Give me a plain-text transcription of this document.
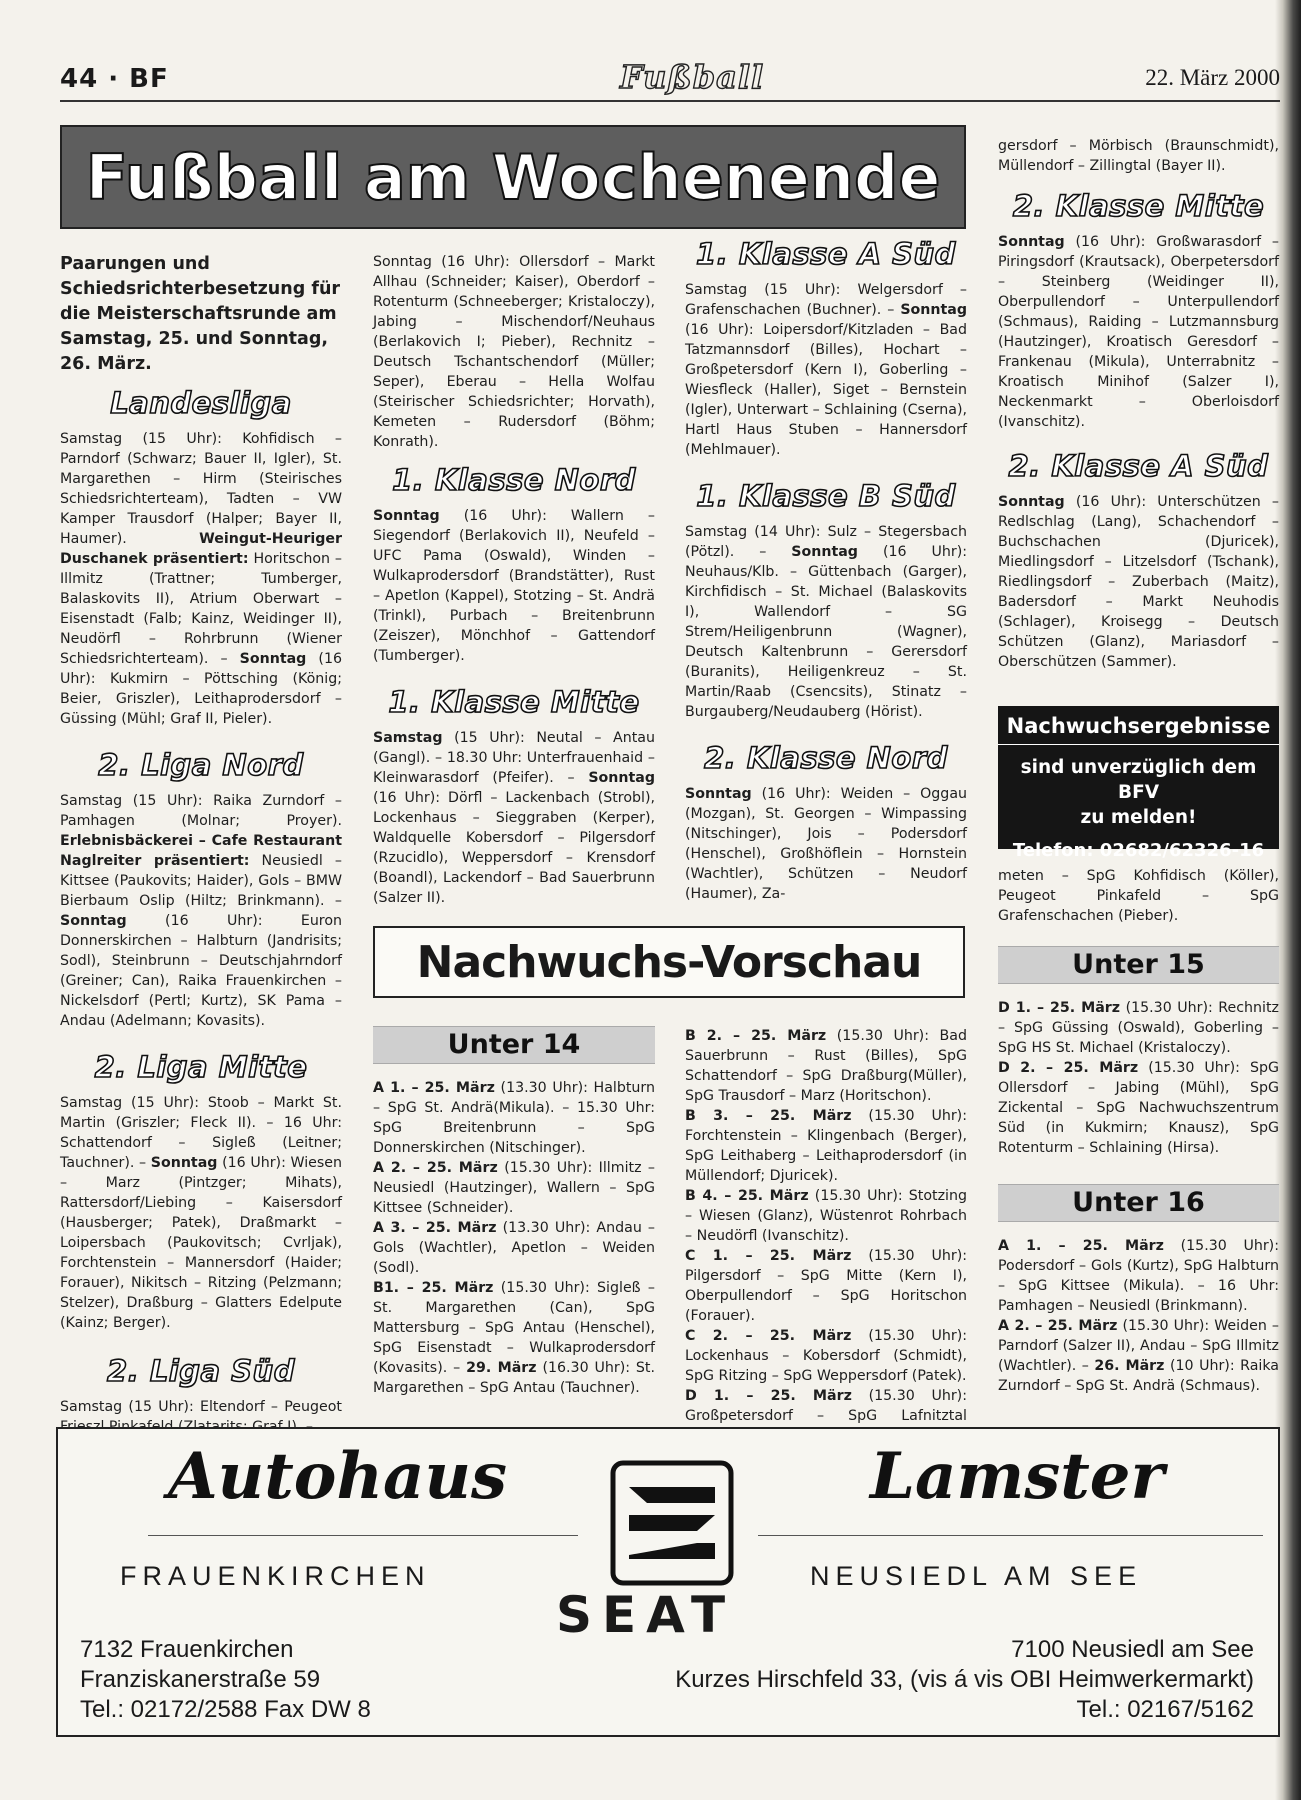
44 · BF	Fußball	22. März 2000
Fußball am Wochenende

Paarungen und Schiedsrichterbesetzung für die Meisterschaftsrunde am Samstag, 25. und Sonntag, 26. März.

Landesliga

Samstag (15 Uhr): Kohfidisch – Parndorf (Schwarz; Bauer II, Igler), St. Margarethen – Hirm (Steirisches Schiedsrichterteam), Tadten – VW Kamper Trausdorf (Halper; Bayer II, Haumer).	Weingut-Heuriger Duschanek präsentiert: Horitschon – Illmitz (Trattner; Tumberger, Balaskovits II), Atrium Oberwart – Eisenstadt (Falb; Kainz, Weidinger II), Neudörfl – Rohrbrunn (Wiener Schiedsrichterteam). – Sonntag (16 Uhr): Kukmirn – Pöttsching (König; Beier, Griszler), Leithaprodersdorf – Güssing (Mühl; Graf II, Pieler).

2. Liga Nord

Samstag (15 Uhr): Raika Zurndorf – Pamhagen (Molnar; Proyer). Erlebnisbäckerei – Cafe Restaurant Naglreiter präsentiert: Neusiedl – Kittsee (Paukovits; Haider), Gols – BMW Bierbaum Oslip (Hiltz; Brinkmann). – Sonntag	(16 Uhr): Euron Donnerskirchen – Halbturn (Jandrisits; Sodl), Steinbrunn – Deutschjahrndorf (Greiner; Can), Raika Frauenkirchen – Nickelsdorf (Pertl; Kurtz), SK Pama – Andau (Adelmann; Kovasits).

2. Liga Mitte

Samstag (15 Uhr): Stoob – Markt St. Martin (Griszler; Fleck II). – 16 Uhr: Schattendorf – Sigleß (Leitner; Tauchner). – Sonntag (16 Uhr): Wiesen – Marz (Pintzger; Mihats), Rattersdorf/Liebing – Kaisersdorf (Hausberger; Patek), Draßmarkt – Loipersbach (Paukovitsch; Cvrljak), Forchtenstein – Mannersdorf (Haider; Forauer), Nikitsch – Ritzing (Pelzmann; Stelzer), Draßburg – Glatters Edelpute (Kainz; Berger).

2. Liga Süd

Samstag (15 Uhr): Eltendorf – Peugeot

Sonntag (16 Uhr): Ollersdorf – Markt Allhau (Schneider; Kaiser), Oberdorf – Rotenturm (Schneeberger; Kristaloczy), Jabing – Mischendorf/Neuhaus (Berlakovich I; Pieber), Rechnitz – Deutsch Tschantschendorf (Müller; Seper), Eberau – Hella Wolfau (Steirischer Schiedsrichter; Horvath), Kemeten – Rudersdorf (Böhm; Konrath).

1. Klasse Nord

Sonntag (16 Uhr): Wallern – Siegendorf (Berlakovich II), Neufeld – UFC Pama (Oswald), Winden – Wulkaprodersdorf (Brandstätter), Rust – Apetlon (Kappel), Stotzing – St. Andrä (Trinkl), Purbach – Breitenbrunn (Zeiszer), Mönchhof – Gattendorf (Tumberger).

1. Klasse Mitte

Samstag (15 Uhr): Neutal – Antau (Gangl). – 18.30 Uhr: Unterfrauenhaid – Kleinwarasdorf (Pfeifer). – Sonntag (16 Uhr): Dörfl – Lackenbach (Strobl), Lockenhaus – Sieggraben (Kerper), Waldquelle Kobersdorf – Pilgersdorf (Rzucidlo), Weppersdorf – Krensdorf (Boandl), Lackendorf – Bad Sauerbrunn (Salzer II).

1. Klasse A Süd

Samstag (15 Uhr): Welgersdorf – Grafenschachen (Buchner). – Sonntag (16 Uhr): Loipersdorf/Kitzladen – Bad Tatzmannsdorf (Billes), Hochart – Großpetersdorf (Kern I), Goberling – Wiesfleck (Haller), Siget – Bernstein (Igler), Unterwart – Schlaining (Cserna), Hartl Haus Stuben – Hannersdorf (Mehlmauer).

1. Klasse B Süd

Samstag (14 Uhr): Sulz – Stegersbach (Pötzl). – Sonntag (16 Uhr): Neuhaus/Klb. – Güttenbach (Garger), Kirchfidisch – St. Michael (Balaskovits I), Wallendorf – SG Strem/Heiligenbrunn (Wagner), Deutsch Kaltenbrunn – Gerersdorf (Buranits), Heiligenkreuz – St. Martin/Raab (Csencsits), Stinatz – Burgauberg/Neudauberg (Hörist).

2. Klasse Nord

Sonntag (16 Uhr): Weiden – Oggau (Mozgan), St. Georgen – Wimpassing (Nitschinger), Jois – Podersdorf (Henschel), Großhöflein – Hornstein (Wachtler), Schützen – Neudorf (Haumer), Za-

gersdorf – Mörbisch (Braunschmidt), Müllendorf – Zillingtal (Bayer II).

2. Klasse Mitte

Sonntag (16 Uhr): Großwarasdorf – Piringsdorf (Krautsack), Oberpetersdorf – Steinberg (Weidinger II), Oberpullendorf – Unterpullendorf (Schmaus), Raiding – Lutzmannsburg (Hautzinger), Kroatisch Geresdorf – Frankenau (Mikula), Unterrabnitz – Kroatisch Minihof (Salzer I), Neckenmarkt – Oberloisdorf (Ivanschitz).

2. Klasse A Süd

Sonntag (16 Uhr): Unterschützen – Redlschlag (Lang), Schachendorf – Buchschachen (Djuricek), Miedlingsdorf – Litzelsdorf (Tschank), Riedlingsdorf – Zuberbach (Maitz), Badersdorf – Markt Neuhodis (Schlager), Kroisegg – Deutsch Schützen (Glanz), Mariasdorf – Oberschützen (Sammer).

Nachwuchsergebnisse
sind unverzüglich dem BFV
zu melden!
Telefon: 02682/62326-16
Nachwuchs-Vorschau
Unter 14

A 1. – 25. März (13.30 Uhr): Halbturn – SpG St. Andrä(Mikula). – 15.30 Uhr: SpG Breitenbrunn – SpG Donnerskirchen (Nitschinger).

A 2. – 25. März (15.30 Uhr): Illmitz – Neusiedl (Hautzinger), Wallern – SpG Kittsee (Schneider).

A 3. – 25. März (13.30 Uhr): Andau – Gols (Wachtler), Apetlon – Weiden (Sodl).

B1. – 25. März (15.30 Uhr): Sigleß – St. Margarethen (Can), SpG Mattersburg – SpG Antau (Henschel), SpG Eisenstadt – Wulkaprodersdorf (Kovasits). – 29. März (16.30 Uhr): St. Margarethen – SpG Antau (Tauchner).

B 2. – 25. März (15.30 Uhr): Bad Sauerbrunn – Rust (Billes), SpG Schattendorf – SpG Draßburg(Müller), SpG Trausdorf – Marz (Horitschon).

B 3. – 25. März (15.30 Uhr): Forchtenstein – Klingenbach (Berger), SpG Leithaberg – Leithaprodersdorf (in Müllendorf; Djuricek).

B 4. – 25. März (15.30 Uhr): Stotzing – Wiesen (Glanz), Wüstenrot Rohrbach – Neudörfl (Ivanschitz).

C 1. – 25. März (15.30 Uhr): Pilgersdorf – SpG Mitte (Kern I), Oberpullendorf – SpG Horitschon (Forauer).

C 2. – 25. März (15.30 Uhr): Lockenhaus – Kobersdorf (Schmidt), SpG Ritzing – SpG Weppersdorf (Patek).

D 1. – 25. März (15.30 Uhr): Großpetersdorf – SpG Lafnitztal

meten – SpG Kohfidisch (Köller), Peugeot Pinkafeld – SpG Grafenschachen (Pieber).

Unter 15

D 1. – 25. März (15.30 Uhr): Rechnitz – SpG Güssing (Oswald), Goberling – SpG HS St. Michael (Kristaloczy).

D 2. – 25. März (15.30 Uhr): SpG Ollersdorf – Jabing (Mühl), SpG Zickental – SpG Nachwuchszentrum Süd (in Kukmirn; Knausz), SpG Rotenturm – Schlaining (Hirsa).

Unter 16

A 1. – 25. März (15.30 Uhr): Podersdorf – Gols (Kurtz), SpG Halbturn – SpG Kittsee (Mikula). – 16 Uhr: Pamhagen – Neusiedl (Brinkmann).

A 2. – 25. März (15.30 Uhr): Weiden – Parndorf (Salzer II), Andau – SpG Illmitz (Wachtler). – 26. März (10 Uhr): Raika Zurndorf – SpG St. Andrä (Schmaus).

Autohaus	Lamster
FRAUENKIRCHEN	NEUSIEDL AM SEE
SEAT
7132 Frauenkirchen
Franziskanerstraße 59
Tel.: 02172/2588 Fax DW 8
7100 Neusiedl am See
Kurzes Hirschfeld 33, (vis á vis OBI Heimwerkermarkt)
Tel.: 02167/5162
